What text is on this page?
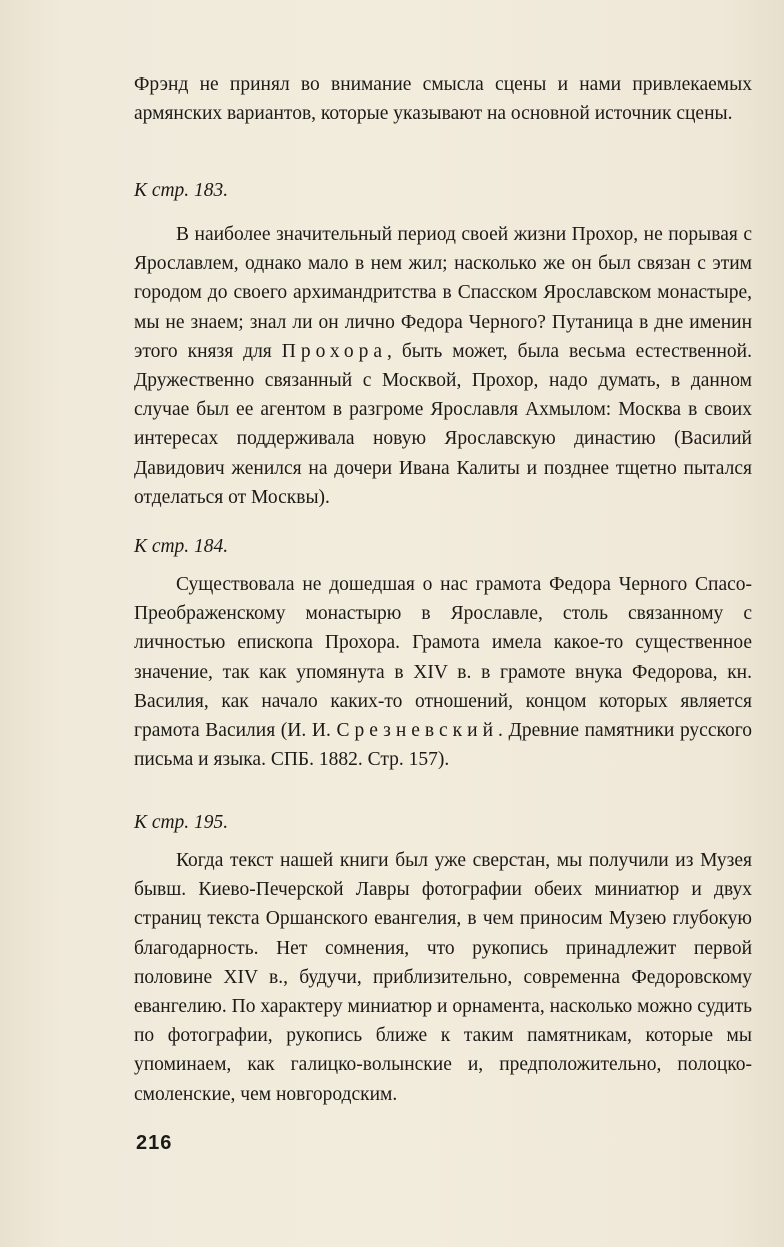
Фрэнд не принял во внимание смысла сцены и нами привлекаемых армянских вариантов, которые указывают на основной источник сцены.

К стр. 183.

В наиболее значительный период своей жизни Прохор, не порывая с Ярославлем, однако мало в нем жил; насколько же он был связан с этим городом до своего архимандритства в Спасском Ярославском монастыре, мы не знаем; знал ли он лично Федора Черного? Путаница в дне именин этого князя для Прохора, быть может, была весьма естественной. Дружественно связанный с Москвой, Прохор, надо думать, в данном случае был ее агентом в разгроме Ярославля Ахмылом: Москва в своих интересах поддерживала новую Ярославскую династию (Василий Давидович женился на дочери Ивана Калиты и позднее тщетно пытался отделаться от Москвы).

К стр. 184.

Существовала не дошедшая о нас грамота Федора Черного Спасо-Преображенскому монастырю в Ярославле, столь связанному с личностью епископа Прохора. Грамота имела какое-то существенное значение, так как упомянута в XIV в. в грамоте внука Федорова, кн. Василия, как начало каких-то отношений, концом которых является грамота Василия (И. И. Срезневский. Древние памятники русского письма и языка. СПБ. 1882. Стр. 157).

К стр. 195.

Когда текст нашей книги был уже сверстан, мы получили из Музея бывш. Киево-Печерской Лавры фотографии обеих миниатюр и двух страниц текста Оршанского евангелия, в чем приносим Музею глубокую благодарность. Нет сомнения, что рукопись принадлежит первой половине XIV в., будучи, приблизительно, современна Федоровскому евангелию. По характеру миниатюр и орнамента, насколько можно судить по фотографии, рукопись ближе к таким памятникам, которые мы упоминаем, как галицко-волынские и, предположительно, полоцко-смоленские, чем новгородским.

216
